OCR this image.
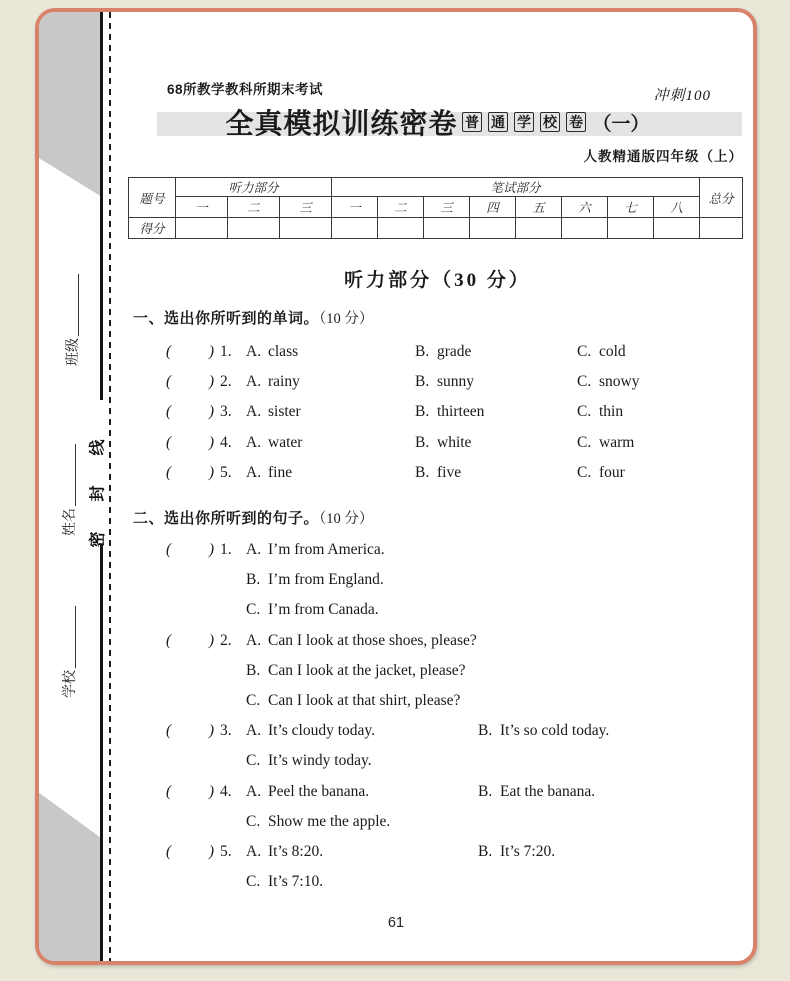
班级
姓名
学校
密封线
68所教学教科所期末考试	冲刺100
全真模拟训练密卷 普 通 学 校 卷 （一）
人教精通版四年级（上）
题号	听力部分			笔试部分								总分
	一	二	三	一	二	三	四	五	六	七	八	
得分												
听力部分（30 分）
一、选出你所听到的单词。（10 分）
( ) 1. A. class	B. grade	C. cold
( ) 2. A. rainy	B. sunny	C. snowy
( ) 3. A. sister	B. thirteen	C. thin
( ) 4. A. water	B. white	C. warm
( ) 5. A. fine	B. five	C. four
二、选出你所听到的句子。（10 分）
( ) 1. A. I’m from America.
B. I’m from England.
C. I’m from Canada.
( ) 2. A. Can I look at those shoes, please?
B. Can I look at the jacket, please?
C. Can I look at that shirt, please?
( ) 3. A. It’s cloudy today.	B. It’s so cold today.
C. It’s windy today.
( ) 4. A. Peel the banana.	B. Eat the banana.
C. Show me the apple.
( ) 5. A. It’s 8:20.	B. It’s 7:20.
C. It’s 7:10.
61
